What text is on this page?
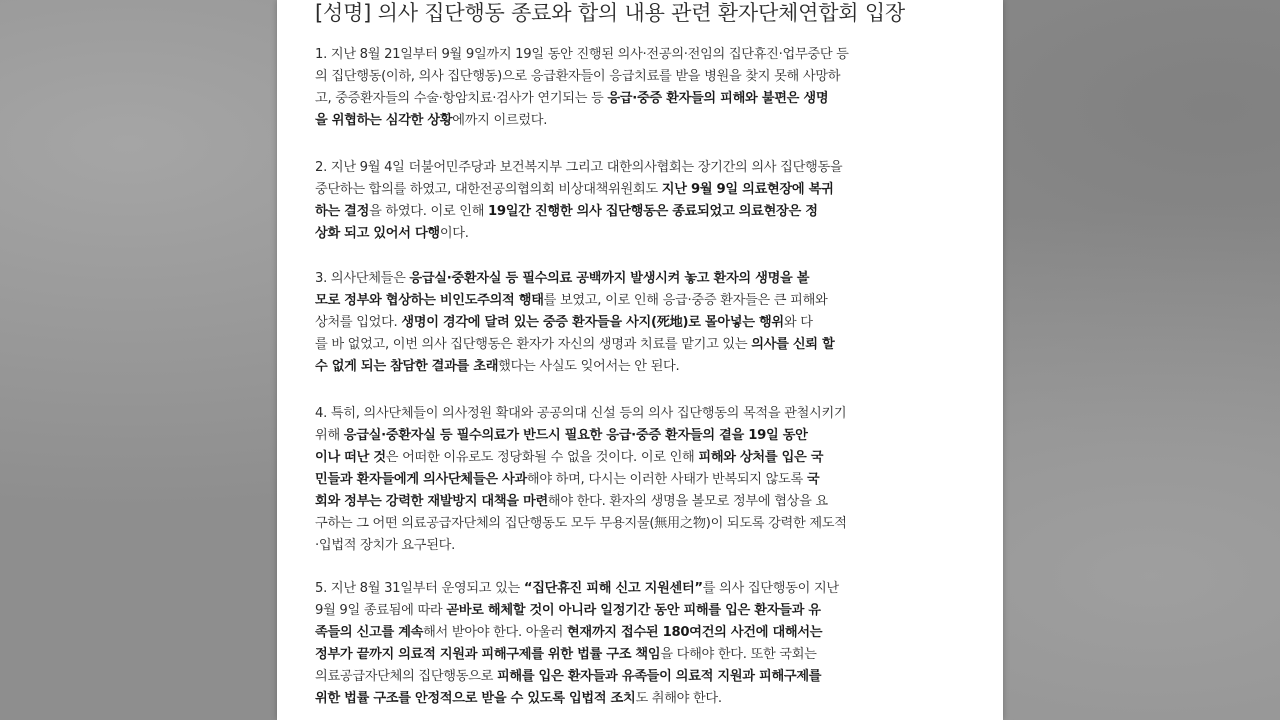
[성명] 의사 집단행동 종료와 합의 내용 관련 환자단체연합회 입장
1. 지난 8월 21일부터 9월 9일까지 19일 동안 진행된 의사·전공의·전임의 집단휴진·업무중단 등
의 집단행동(이하, 의사 집단행동)으로 응급환자들이 응급치료를 받을 병원을 찾지 못해 사망하
고, 중증환자들의 수술·항암치료·검사가 연기되는 등 응급·중증 환자들의 피해와 불편은 생명
을 위협하는 심각한 상황에까지 이르렀다.
2. 지난 9월 4일 더불어민주당과 보건복지부 그리고 대한의사협회는 장기간의 의사 집단행동을
중단하는 합의를 하였고, 대한전공의협의회 비상대책위원회도 지난 9월 9일 의료현장에 복귀
하는 결정을 하였다. 이로 인해 19일간 진행한 의사 집단행동은 종료되었고 의료현장은 정
상화 되고 있어서 다행이다.
3. 의사단체들은 응급실·중환자실 등 필수의료 공백까지 발생시켜 놓고 환자의 생명을 볼
모로 정부와 협상하는 비인도주의적 행태를 보였고, 이로 인해 응급·중증 환자들은 큰 피해와
상처를 입었다. 생명이 경각에 달려 있는 중증 환자들을 사지(死地)로 몰아넣는 행위와 다
를 바 없었고, 이번 의사 집단행동은 환자가 자신의 생명과 치료를 맡기고 있는 의사를 신뢰 할
수 없게 되는 참담한 결과를 초래했다는 사실도 잊어서는 안 된다.
4. 특히, 의사단체들이 의사정원 확대와 공공의대 신설 등의 의사 집단행동의 목적을 관철시키기
위해 응급실·중환자실 등 필수의료가 반드시 필요한 응급·중증 환자들의 곁을 19일 동안
이나 떠난 것은 어떠한 이유로도 정당화될 수 없을 것이다. 이로 인해 피해와 상처를 입은 국
민들과 환자들에게 의사단체들은 사과해야 하며, 다시는 이러한 사태가 반복되지 않도록 국
회와 정부는 강력한 재발방지 대책을 마련해야 한다. 환자의 생명을 볼모로 정부에 협상을 요
구하는 그 어떤 의료공급자단체의 집단행동도 모두 무용지물(無用之物)이 되도록 강력한 제도적
·입법적 장치가 요구된다.
5. 지난 8월 31일부터 운영되고 있는 “집단휴진 피해 신고 지원센터”를 의사 집단행동이 지난
9월 9일 종료됨에 따라 곧바로 해체할 것이 아니라 일정기간 동안 피해를 입은 환자들과 유
족들의 신고를 계속해서 받아야 한다. 아울러 현재까지 접수된 180여건의 사건에 대해서는
정부가 끝까지 의료적 지원과 피해구제를 위한 법률 구조 책임을 다해야 한다. 또한 국회는
의료공급자단체의 집단행동으로 피해를 입은 환자들과 유족들이 의료적 지원과 피해구제를
위한 법률 구조를 안정적으로 받을 수 있도록 입법적 조치도 취해야 한다.
